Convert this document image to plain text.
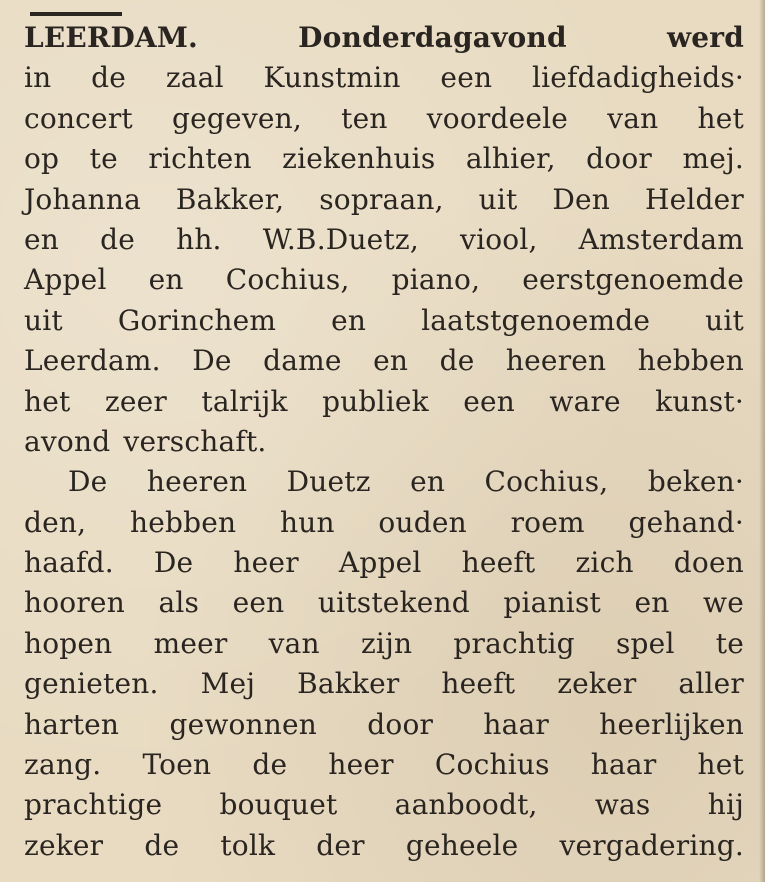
LEERDAM. Donderdagavond werd
in de zaal Kunstmin een liefdadigheids·
concert gegeven, ten voordeele van het
op te richten ziekenhuis alhier, door mej.
Johanna Bakker, sopraan, uit Den Helder
en de hh. W.B.Duetz, viool, Amsterdam
Appel en Cochius, piano, eerstgenoemde
uit Gorinchem en laatstgenoemde uit
Leerdam. De dame en de heeren hebben
het zeer talrijk publiek een ware kunst·
avond verschaft.
De heeren Duetz en Cochius, beken·
den, hebben hun ouden roem gehand·
haafd. De heer Appel heeft zich doen
hooren als een uitstekend pianist en we
hopen meer van zijn prachtig spel te
genieten. Mej Bakker heeft zeker aller
harten gewonnen door haar heerlijken
zang. Toen de heer Cochius haar het
prachtige bouquet aanboodt, was hij
zeker de tolk der geheele vergadering.
